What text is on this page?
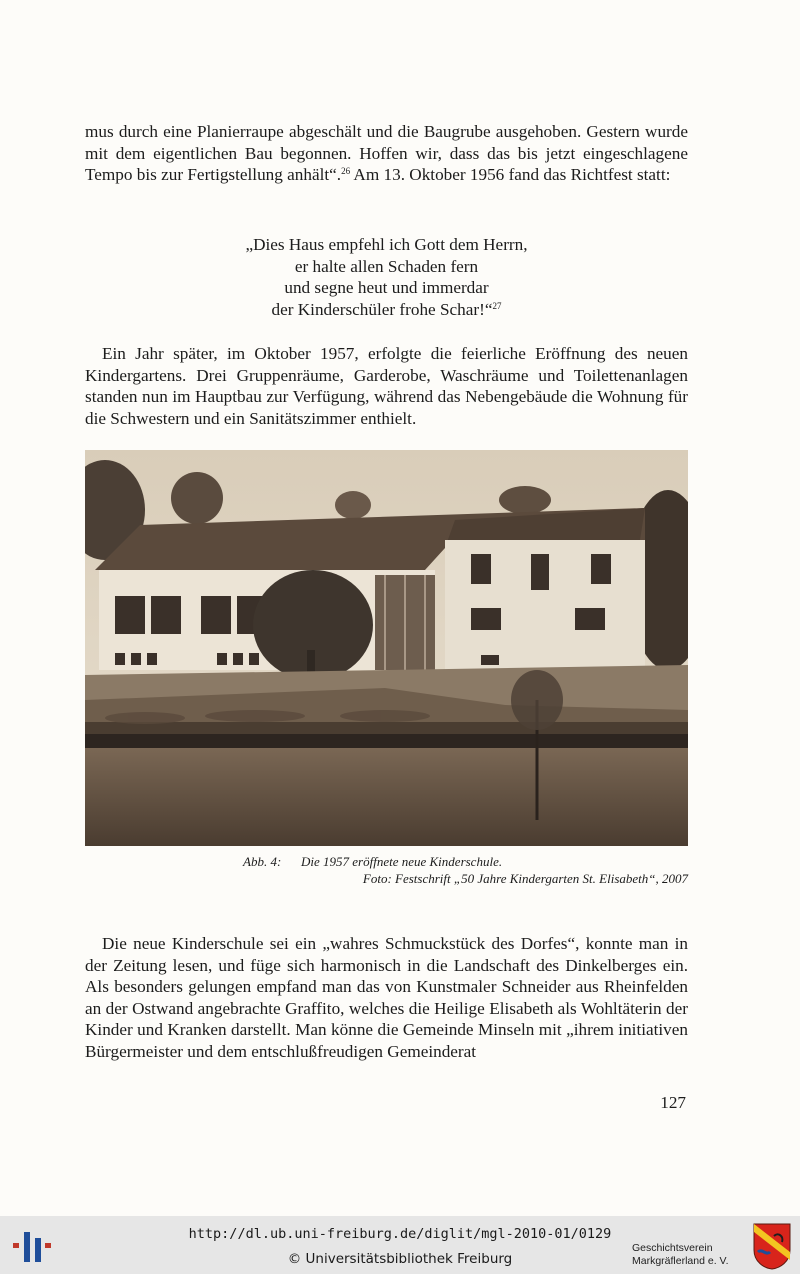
mus durch eine Planierraupe abgeschält und die Baugrube ausgehoben. Gestern wurde mit dem eigentlichen Bau begonnen. Hoffen wir, dass das bis jetzt eingeschlagene Tempo bis zur Fertigstellung anhält“.$^{26}$ Am 13. Oktober 1956 fand das Richtfest statt:

„Dies Haus empfehl ich Gott dem Herrn,
er halte allen Schaden fern
und segne heut und immerdar
der Kinderschüler frohe Schar!“$^{27}$
Ein Jahr später, im Oktober 1957, erfolgte die feierliche Eröffnung des neuen Kindergartens. Drei Gruppenräume, Garderobe, Waschräume und Toilettenanlagen standen nun im Hauptbau zur Verfügung, während das Nebengebäude die Wohnung für die Schwestern und ein Sanitätszimmer enthielt.
Abb. 4: Die 1957 eröffnete neue Kinderschule.
Foto: Festschrift „50 Jahre Kindergarten St. Elisabeth“, 2007
Die neue Kinderschule sei ein „wahres Schmuckstück des Dorfes“, konnte man in der Zeitung lesen, und füge sich harmonisch in die Landschaft des Dinkelberges ein. Als besonders gelungen empfand man das von Kunstmaler Schneider aus Rheinfelden an der Ostwand angebrachte Graffito, welches die Heilige Elisabeth als Wohltäterin der Kinder und Kranken darstellt. Man könne die Gemeinde Minseln mit „ihrem initiativen Bürgermeister und dem entschlußfreudigen Gemeinderat
127
http://dl.ub.uni-freiburg.de/diglit/mgl-2010-01/0129
© Universitätsbibliothek Freiburg
Geschichtsverein
Markgräflerland e. V.
